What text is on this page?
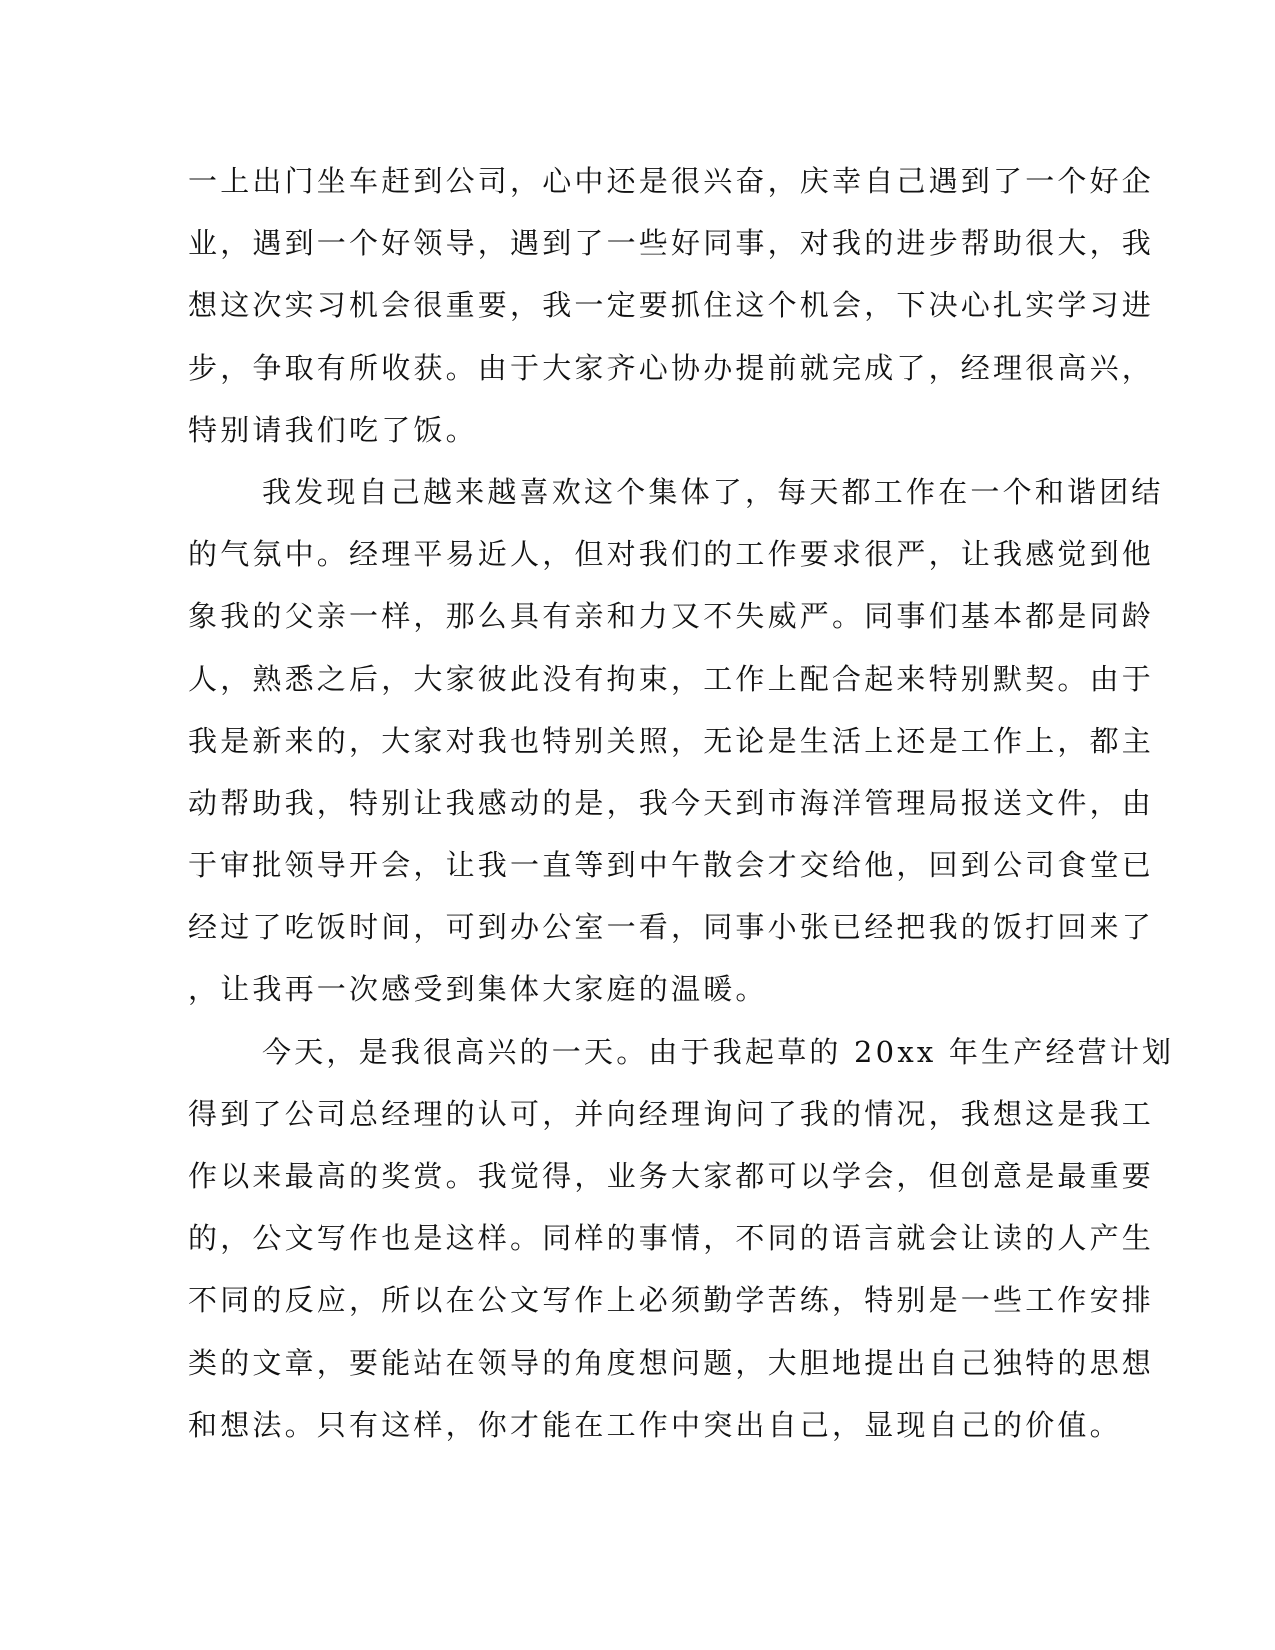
一上出门坐车赶到公司，心中还是很兴奋，庆幸自己遇到了一个好企
业，遇到一个好领导，遇到了一些好同事，对我的进步帮助很大，我
想这次实习机会很重要，我一定要抓住这个机会，下决心扎实学习进
步，争取有所收获。由于大家齐心协办提前就完成了，经理很高兴，
特别请我们吃了饭。
我发现自己越来越喜欢这个集体了，每天都工作在一个和谐团结
的气氛中。经理平易近人，但对我们的工作要求很严，让我感觉到他
象我的父亲一样，那么具有亲和力又不失威严。同事们基本都是同龄
人，熟悉之后，大家彼此没有拘束，工作上配合起来特别默契。由于
我是新来的，大家对我也特别关照，无论是生活上还是工作上，都主
动帮助我，特别让我感动的是，我今天到市海洋管理局报送文件，由
于审批领导开会，让我一直等到中午散会才交给他，回到公司食堂已
经过了吃饭时间，可到办公室一看，同事小张已经把我的饭打回来了
，让我再一次感受到集体大家庭的温暖。
今天，是我很高兴的一天。由于我起草的 20xx 年生产经营计划
得到了公司总经理的认可，并向经理询问了我的情况，我想这是我工
作以来最高的奖赏。我觉得，业务大家都可以学会，但创意是最重要
的，公文写作也是这样。同样的事情，不同的语言就会让读的人产生
不同的反应，所以在公文写作上必须勤学苦练，特别是一些工作安排
类的文章，要能站在领导的角度想问题，大胆地提出自己独特的思想
和想法。只有这样，你才能在工作中突出自己，显现自己的价值。
